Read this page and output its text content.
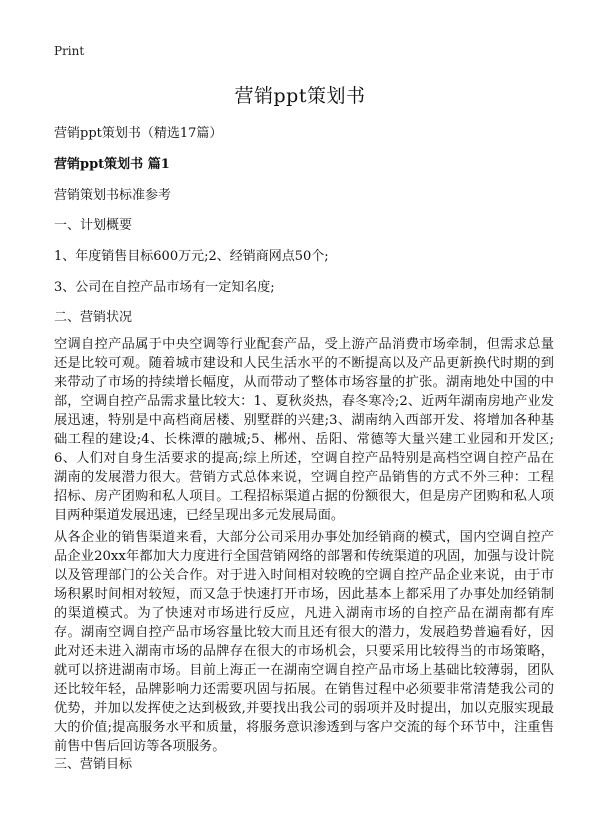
Print
营销ppt策划书
营销ppt策划书（精选17篇）
营销ppt策划书 篇1
营销策划书标准参考
一、计划概要
1、年度销售目标600万元;2、经销商网点50个;
3、公司在自控产品市场有一定知名度;
二、营销状况
空调自控产品属于中央空调等行业配套产品，受上游产品消费市场牵制，但需求总量还是比较可观。随着城市建设和人民生活水平的不断提高以及产品更新换代时期的到来带动了市场的持续增长幅度，从而带动了整体市场容量的扩张。湖南地处中国的中部，空调自控产品需求量比较大：1、夏秋炎热，春冬寒冷;2、近两年湖南房地产业发展迅速，特别是中高档商居楼、别墅群的兴建;3、湖南纳入西部开发、将增加各种基础工程的建设;4、长株潭的融城;5、郴州、岳阳、常德等大量兴建工业园和开发区;6、人们对自身生活要求的提高;综上所述，空调自控产品特别是高档空调自控产品在湖南的发展潜力很大。营销方式总体来说，空调自控产品销售的方式不外三种：工程招标、房产团购和私人项目。工程招标渠道占据的份额很大，但是房产团购和私人项目两种渠道发展迅速，已经呈现出多元发展局面。
从各企业的销售渠道来看，大部分公司采用办事处加经销商的模式，国内空调自控产品企业20xx年都加大力度进行全国营销网络的部署和传统渠道的巩固，加强与设计院以及管理部门的公关合作。对于进入时间相对较晚的空调自控产品企业来说，由于市场积累时间相对较短，而又急于快速打开市场，因此基本上都采用了办事处加经销制的渠道模式。为了快速对市场进行反应，凡进入湖南市场的自控产品在湖南都有库存。湖南空调自控产品市场容量比较大而且还有很大的潜力，发展趋势普遍看好，因此对还未进入湖南市场的品牌存在很大的市场机会，只要采用比较得当的市场策略，就可以挤进湖南市场。目前上海正一在湖南空调自控产品市场上基础比较薄弱，团队还比较年轻，品牌影响力还需要巩固与拓展。在销售过程中必须要非常清楚我公司的优势，并加以发挥使之达到极致,并要找出我公司的弱项并及时提出，加以克服实现最大的价值;提高服务水平和质量，将服务意识渗透到与客户交流的每个环节中，注重售前售中售后回访等各项服务。
三、营销目标
